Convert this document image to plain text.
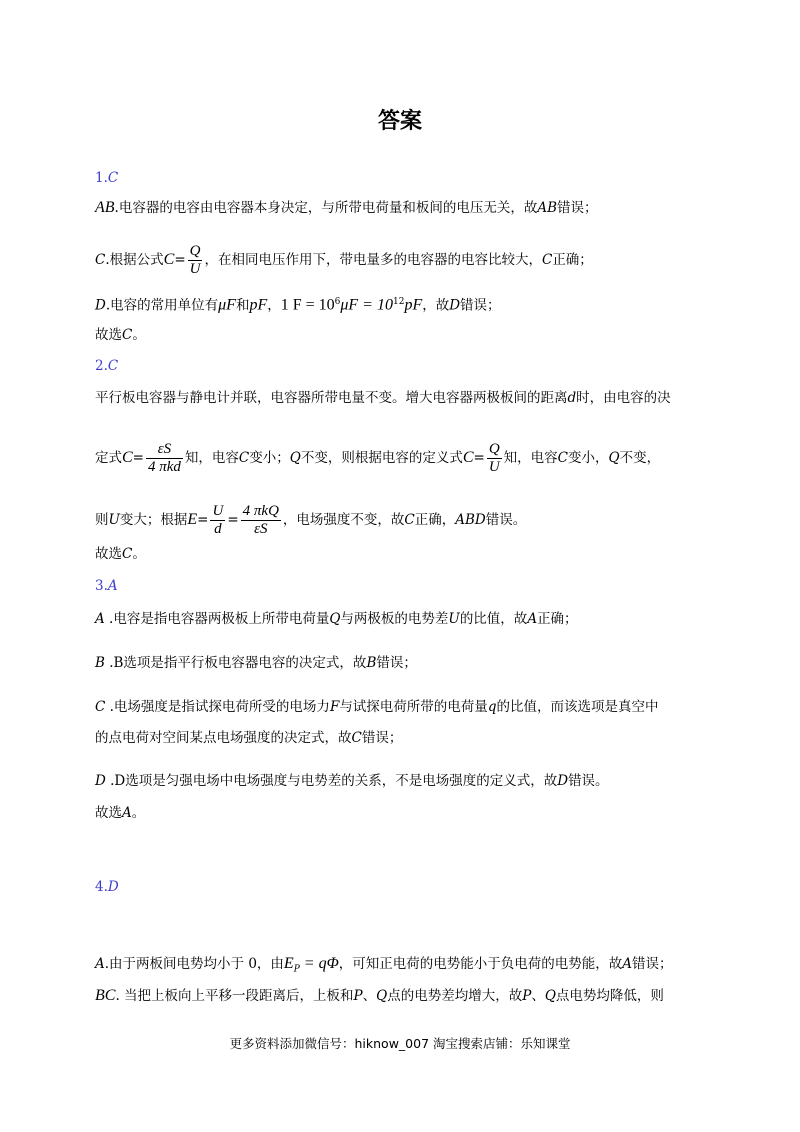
答案
1.C
AB.电容器的电容由电容器本身决定，与所带电荷量和板间的电压无关，故AB错误；
C.根据公式$C= \frac{Q}{U}$ ，在相同电压作用下，带电量多的电容器的电容比较大，C正确；
D.电容的常用单位有μF和pF，1 $F = 10^6\mu F = 10^{12}pF$，故D错误；
故选C。
2.C
平行板电容器与静电计并联，电容器所带电量不变。增大电容器两极板间的距离d时，由电容的决
定式$C= \frac{\varepsilon S}{\text{4 πkd}}$ 知，电容C变小；Q不变，则根据电容的定义式$C= \frac{Q}{U}$ 知，电容C变小，Q不变，
则U变大；根据$E= \frac{U}{d} = \frac{\text{4 πkQ}}{\varepsilon S}$ ，电场强度不变，故C正确，ABD错误。
故选C。
3.A
A .电容是指电容器两极板上所带电荷量Q与两极板的电势差U的比值，故A正确；
B .B选项是指平行板电容器电容的决定式，故B错误；
C .电场强度是指试探电荷所受的电场力F与试探电荷所带的电荷量q的比值，而该选项是真空中
的点电荷对空间某点电场强度的决定式，故C错误；
D .D选项是匀强电场中电场强度与电势差的关系，不是电场强度的定义式，故D错误。
故选A。
4.D
A.由于两板间电势均小于 0，由$E_P = q\Phi$，可知正电荷的电势能小于负电荷的电势能，故A错误；
BC. 当把上板向上平移一段距离后，上板和P、Q点的电势差均增大，故P、Q点电势均降低，则
更多资料添加微信号：hiknow_007 淘宝搜索店铺：乐知课堂
